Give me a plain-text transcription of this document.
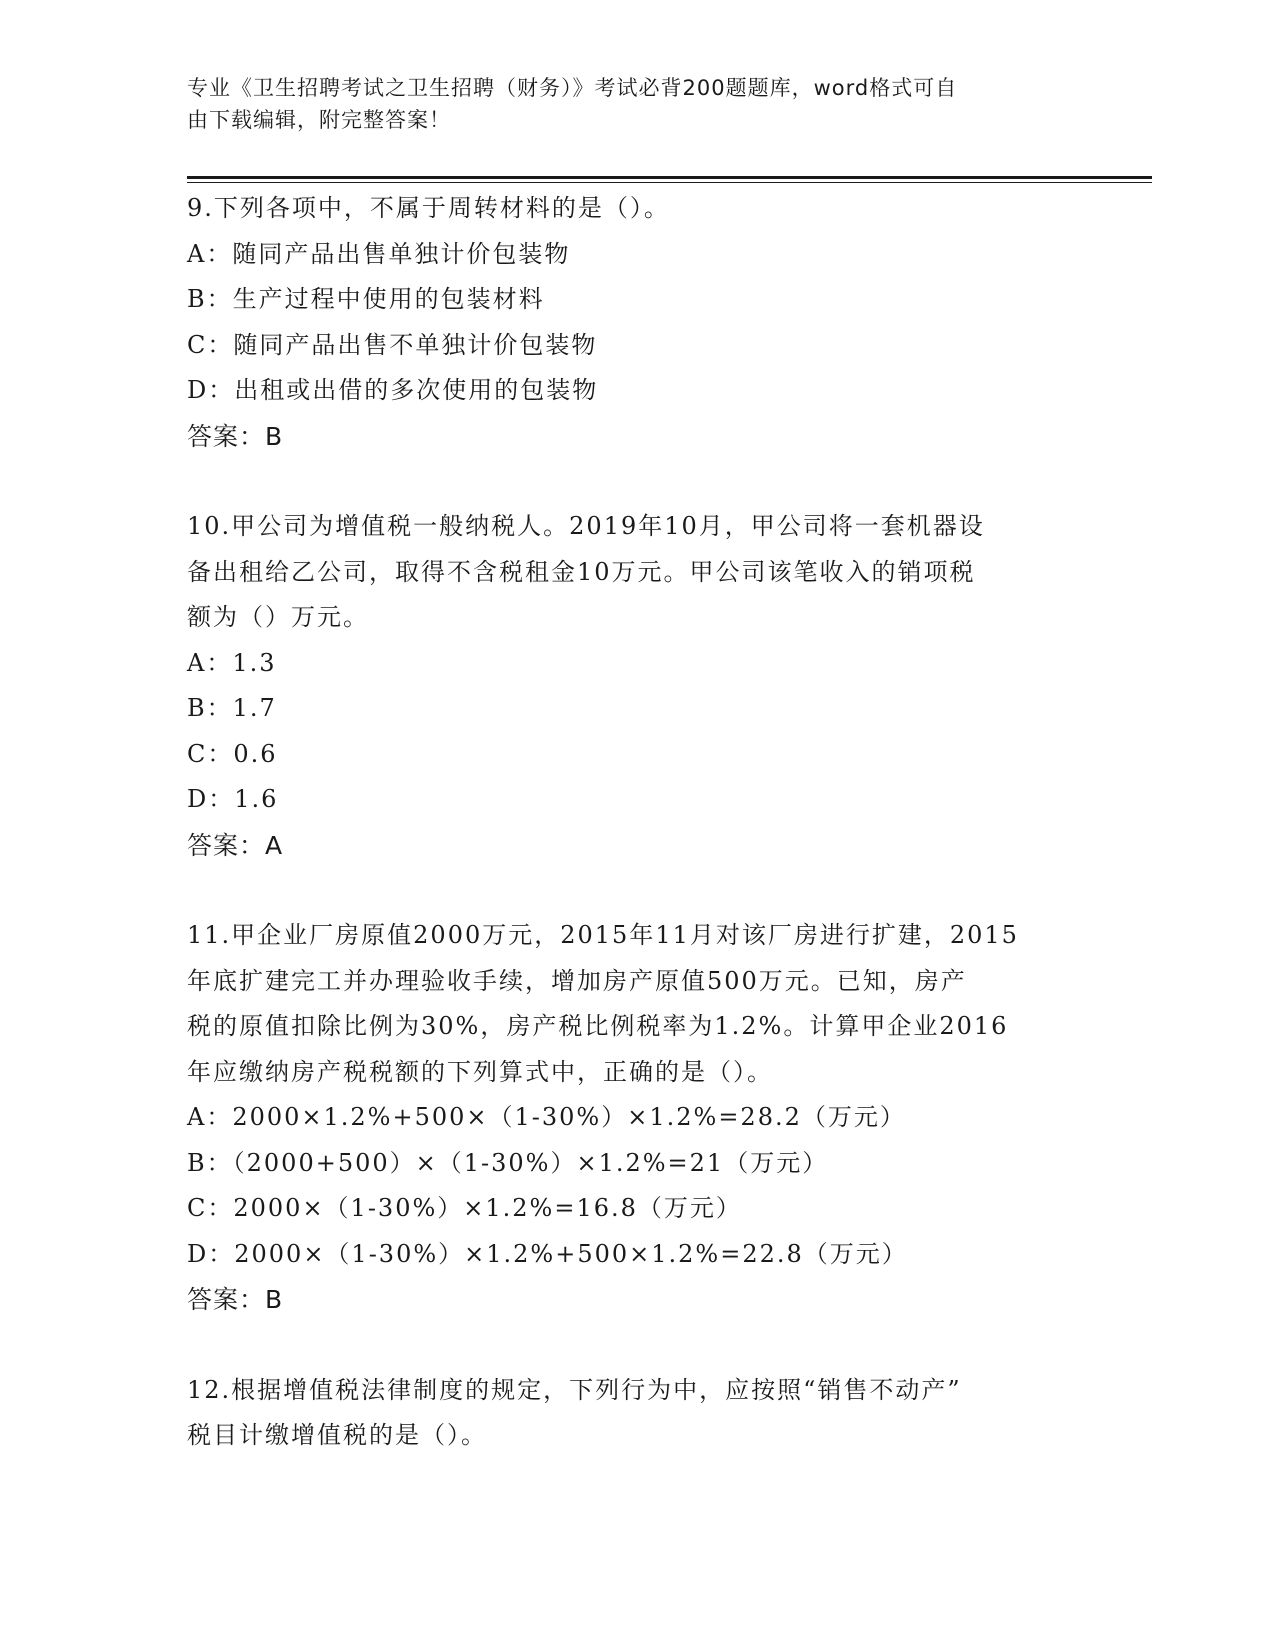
专业《卫生招聘考试之卫生招聘（财务）》考试必背200题题库，word格式可自
由下载编辑，附完整答案！

9.下列各项中，不属于周转材料的是（）。

A：随同产品出售单独计价包装物

B：生产过程中使用的包装材料

C：随同产品出售不单独计价包装物

D：出租或出借的多次使用的包装物

答案：B

10.甲公司为增值税一般纳税人。2019年10月，甲公司将一套机器设

备出租给乙公司，取得不含税租金10万元。甲公司该笔收入的销项税

额为（）万元。

A：1.3

B：1.7

C：0.6

D：1.6

答案：A

11.甲企业厂房原值2000万元，2015年11月对该厂房进行扩建，2015

年底扩建完工并办理验收手续，增加房产原值500万元。已知，房产

税的原值扣除比例为30%，房产税比例税率为1.2%。计算甲企业2016

年应缴纳房产税税额的下列算式中，正确的是（）。

A：2000×1.2%+500×（1-30%）×1.2%=28.2（万元）

B：（2000+500）×（1-30%）×1.2%=21（万元）

C：2000×（1-30%）×1.2%=16.8（万元）

D：2000×（1-30%）×1.2%+500×1.2%=22.8（万元）

答案：B

12.根据增值税法律制度的规定，下列行为中，应按照“销售不动产”

税目计缴增值税的是（）。
